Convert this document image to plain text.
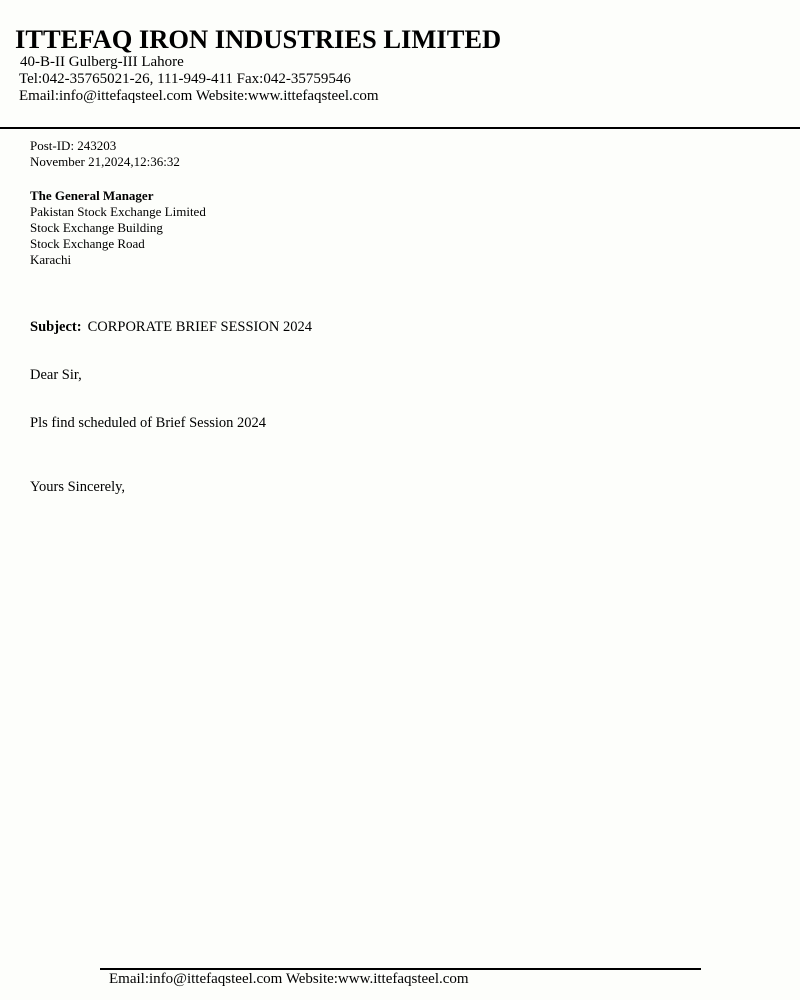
ITTEFAQ IRON INDUSTRIES LIMITED
40-B-II Gulberg-III Lahore
Tel:042-35765021-26, 111-949-411 Fax:042-35759546
Email:info@ittefaqsteel.com Website:www.ittefaqsteel.com
Post-ID: 243203
November 21,2024,12:36:32
The General Manager
Pakistan Stock Exchange Limited
Stock Exchange Building
Stock Exchange Road
Karachi
Subject: CORPORATE BRIEF SESSION 2024
Dear Sir,
Pls find scheduled of Brief Session 2024
Yours Sincerely,
Email:info@ittefaqsteel.com Website:www.ittefaqsteel.com
